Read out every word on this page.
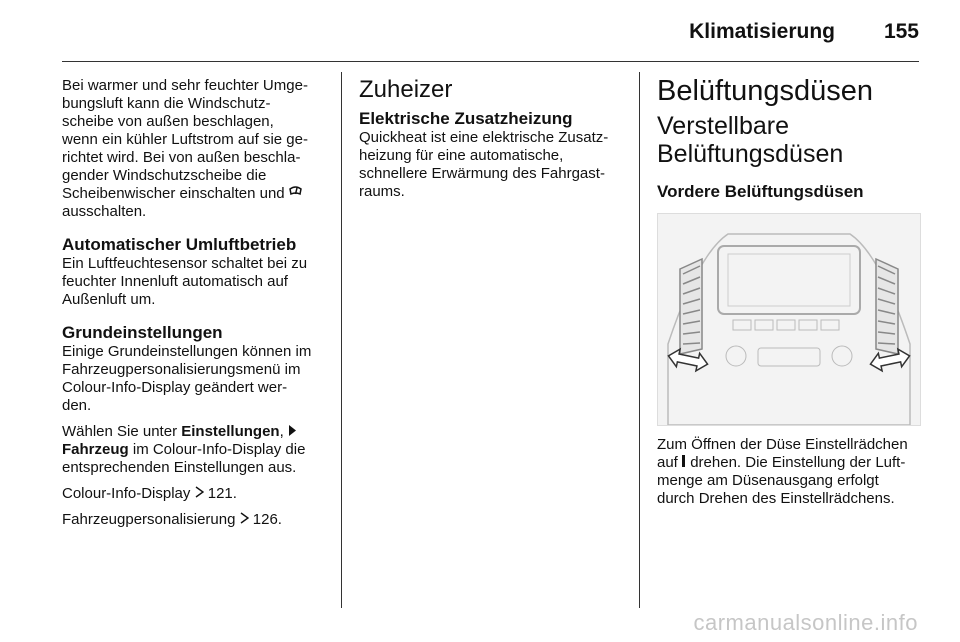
Klimatisierung 155

Bei warmer und sehr feuchter Umge-
bungsluft kann die Windschutz-
scheibe von außen beschlagen,
wenn ein kühler Luftstrom auf sie ge-
richtet wird. Bei von außen beschla-
gender Windschutzscheibe die
Scheibenwischer einschalten und
ausschalten.

Automatischer Umluftbetrieb

Ein Luftfeuchtesensor schaltet bei zu
feuchter Innenluft automatisch auf
Außenluft um.

Grundeinstellungen

Einige Grundeinstellungen können im
Fahrzeugpersonalisierungsmenü im
Colour-Info-Display geändert wer-
den.

Wählen Sie unter Einstellungen,
Fahrzeug im Colour-Info-Display die
entsprechenden Einstellungen aus.

Colour-Info-Display 121.

Fahrzeugpersonalisierung 126.

Zuheizer
Elektrische Zusatzheizung

Quickheat ist eine elektrische Zusatz-
heizung für eine automatische,
schnellere Erwärmung des Fahrgast-
raums.

Belüftungsdüsen
Verstellbare
Belüftungsdüsen
Vordere Belüftungsdüsen

Zum Öffnen der Düse Einstellrädchen
auf drehen. Die Einstellung der Luft-
menge am Düsenausgang erfolgt
durch Drehen des Einstellrädchens.

carmanualsonline.info
